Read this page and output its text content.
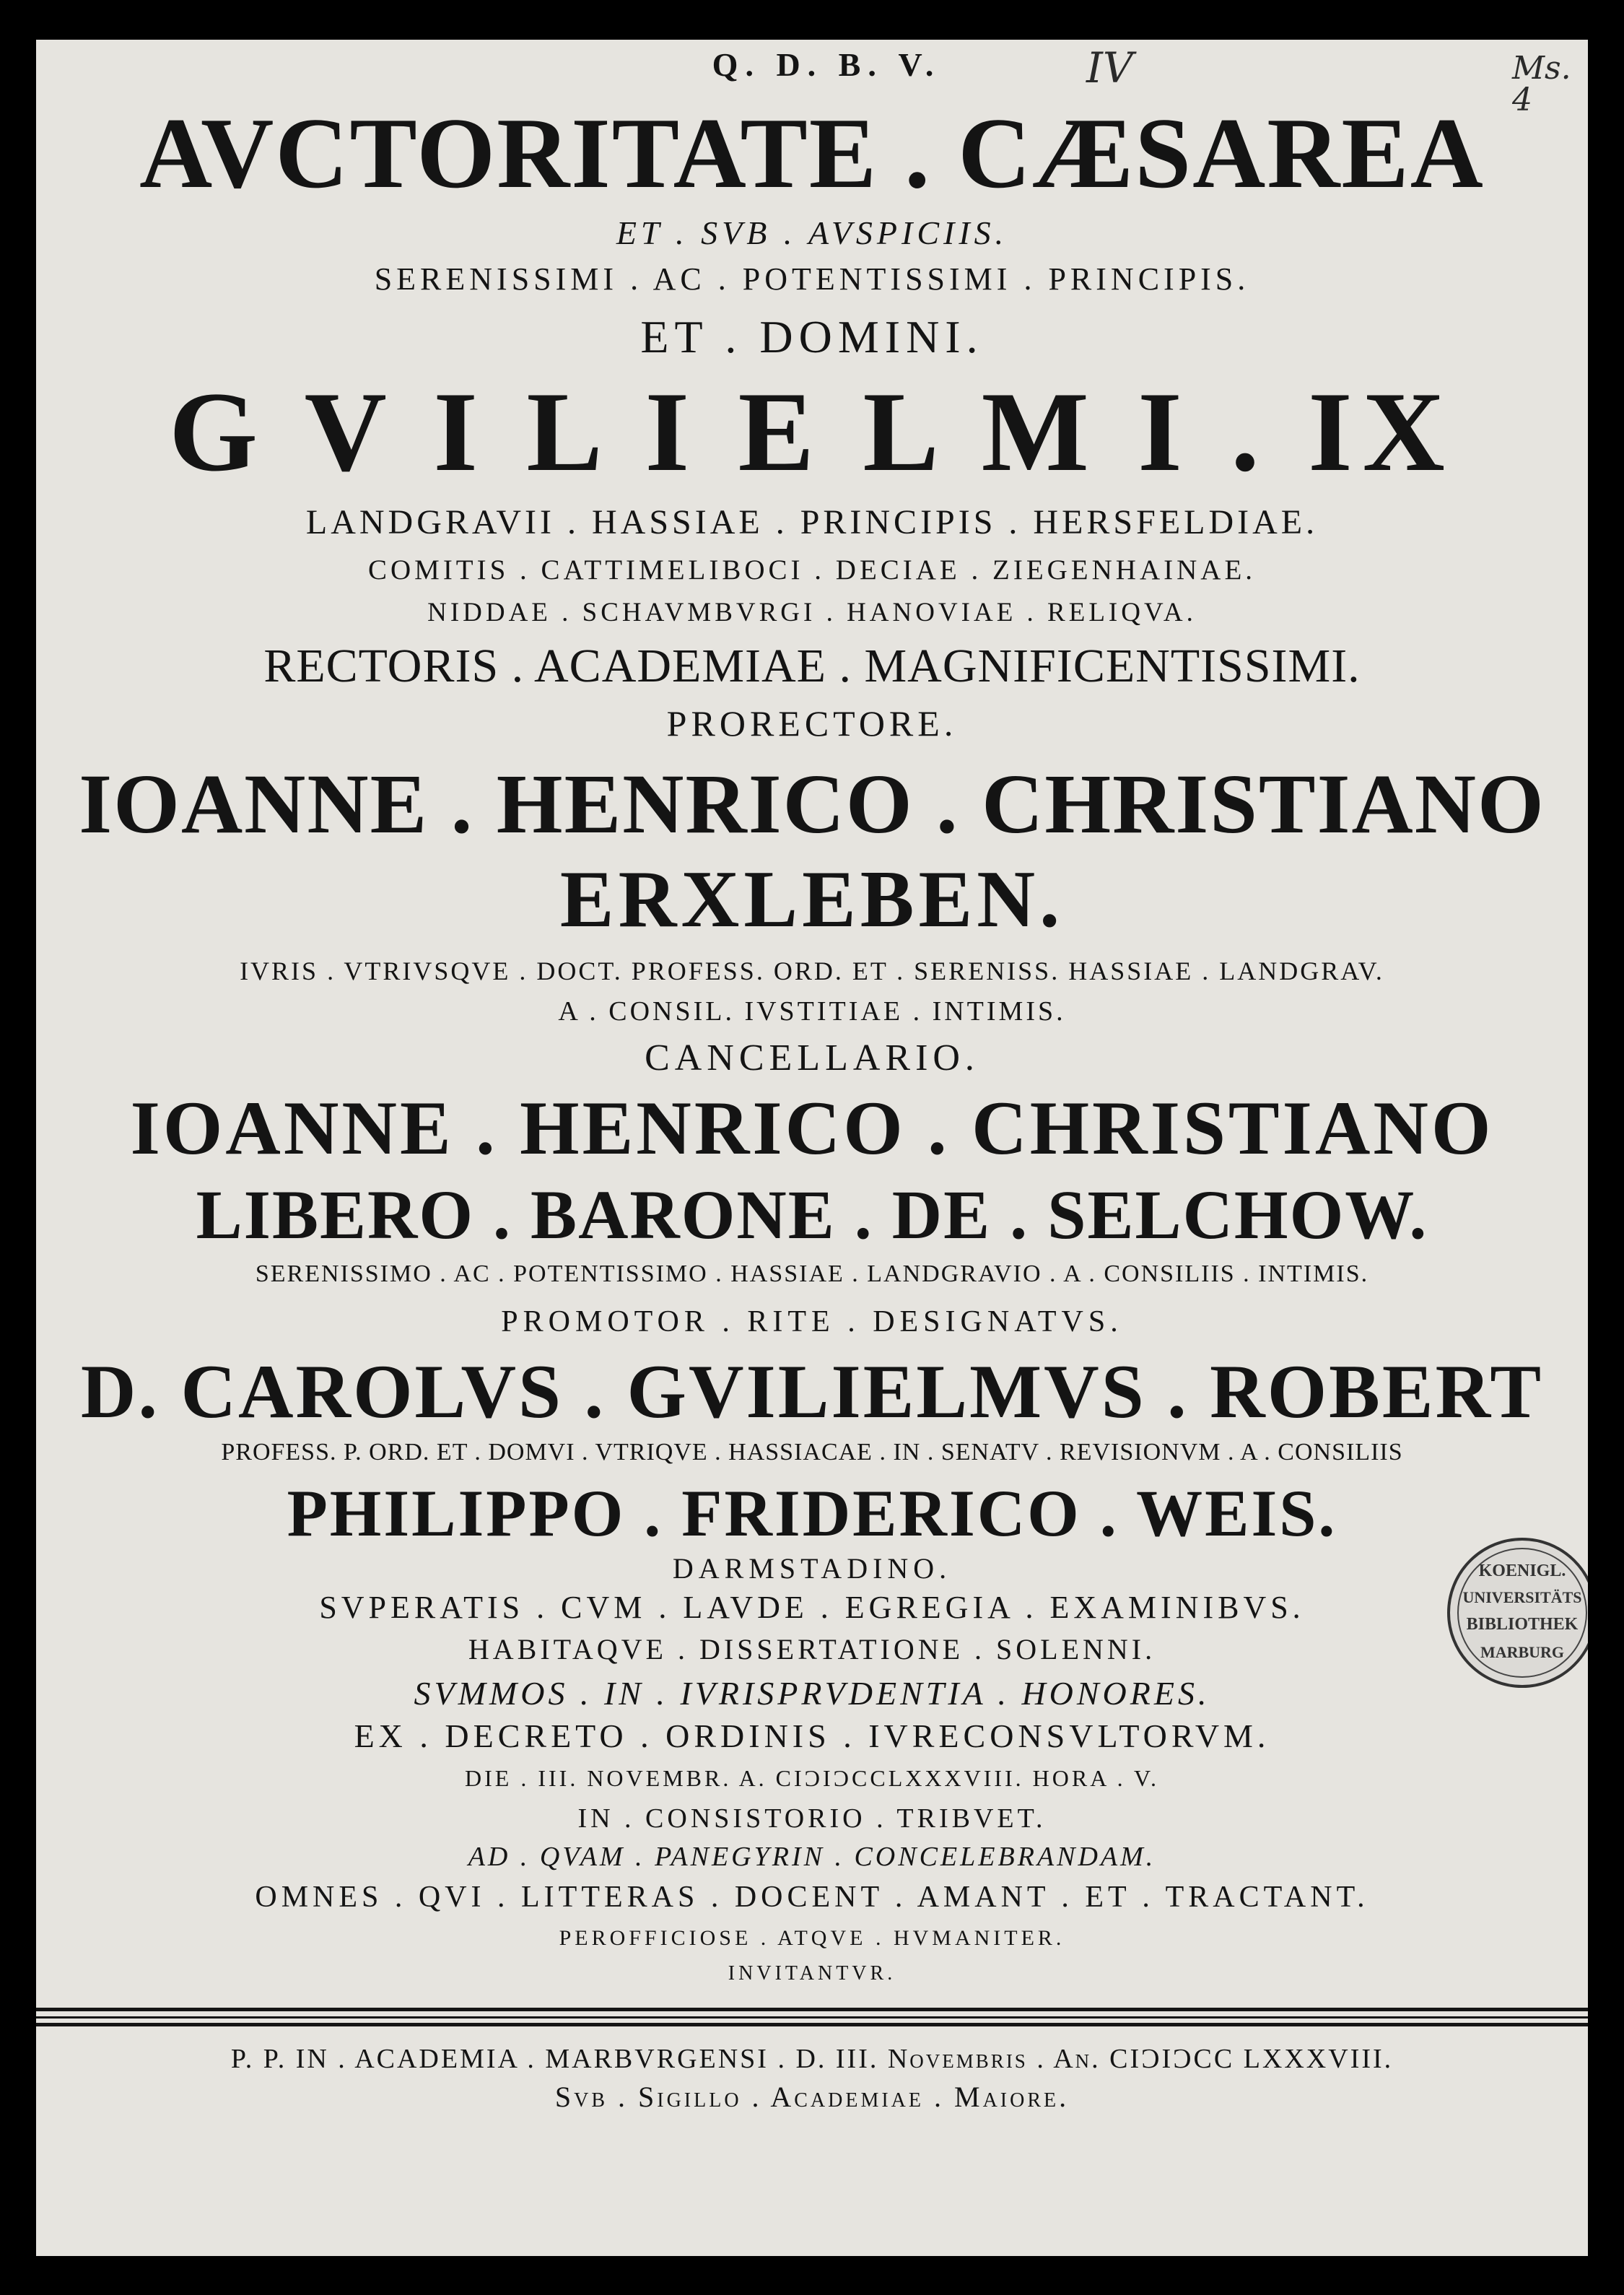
IV	Ms. 4
Q. D. B. V.
AVCTORITATE . CÆSAREA
ET . SVB . AVSPICIIS.
SERENISSIMI . AC . POTENTISSIMI . PRINCIPIS.
ET . DOMINI.
G V I L I E L M I . IX
LANDGRAVII . HASSIAE . PRINCIPIS . HERSFELDIAE.
COMITIS . CATTIMELIBOCI . DECIAE . ZIEGENHAINAE.
NIDDAE . SCHAVMBVRGI . HANOVIAE . RELIQVA.
RECTORIS . ACADEMIAE . MAGNIFICENTISSIMI.
PRORECTORE.
IOANNE . HENRICO . CHRISTIANO
ERXLEBEN.
IVRIS . VTRIVSQVE . DOCT. PROFESS. ORD. ET . SERENISS. HASSIAE . LANDGRAV.
A . CONSIL. IVSTITIAE . INTIMIS.
CANCELLARIO.
IOANNE . HENRICO . CHRISTIANO
LIBERO . BARONE . DE . SELCHOW.
SERENISSIMO . AC . POTENTISSIMO . HASSIAE . LANDGRAVIO . A . CONSILIIS . INTIMIS.
PROMOTOR . RITE . DESIGNATVS.
D. CAROLVS . GVILIELMVS . ROBERT
PROFESS. P. ORD. ET . DOMVI . VTRIQVE . HASSIACAE . IN . SENATV . REVISIONVM . A . CONSILIIS
PHILIPPO . FRIDERICO . WEIS.
DARMSTADINO.
SVPERATIS . CVM . LAVDE . EGREGIA . EXAMINIBVS.
HABITAQVE . DISSERTATIONE . SOLENNI.
SVMMOS . IN . IVRISPRVDENTIA . HONORES.
EX . DECRETO . ORDINIS . IVRECONSVLTORVM.
DIE . III. NOVEMBR. A. CIƆIƆCCLXXXVIII. HORA . V.
IN . CONSISTORIO . TRIBVET.
AD . QVAM . PANEGYRIN . CONCELEBRANDAM.
OMNES . QVI . LITTERAS . DOCENT . AMANT . ET . TRACTANT.
PEROFFICIOSE . ATQVE . HVMANITER.
INVITANTVR.
P. P. IN . ACADEMIA . MARBVRGENSI . D. III. Novembris . An. CIƆIƆCC LXXXVIII.
Svb . Sigillo . Academiae . Maiore.
KOENIGL.
UNIVERSITÄTS
BIBLIOTHEK
MARBURG
